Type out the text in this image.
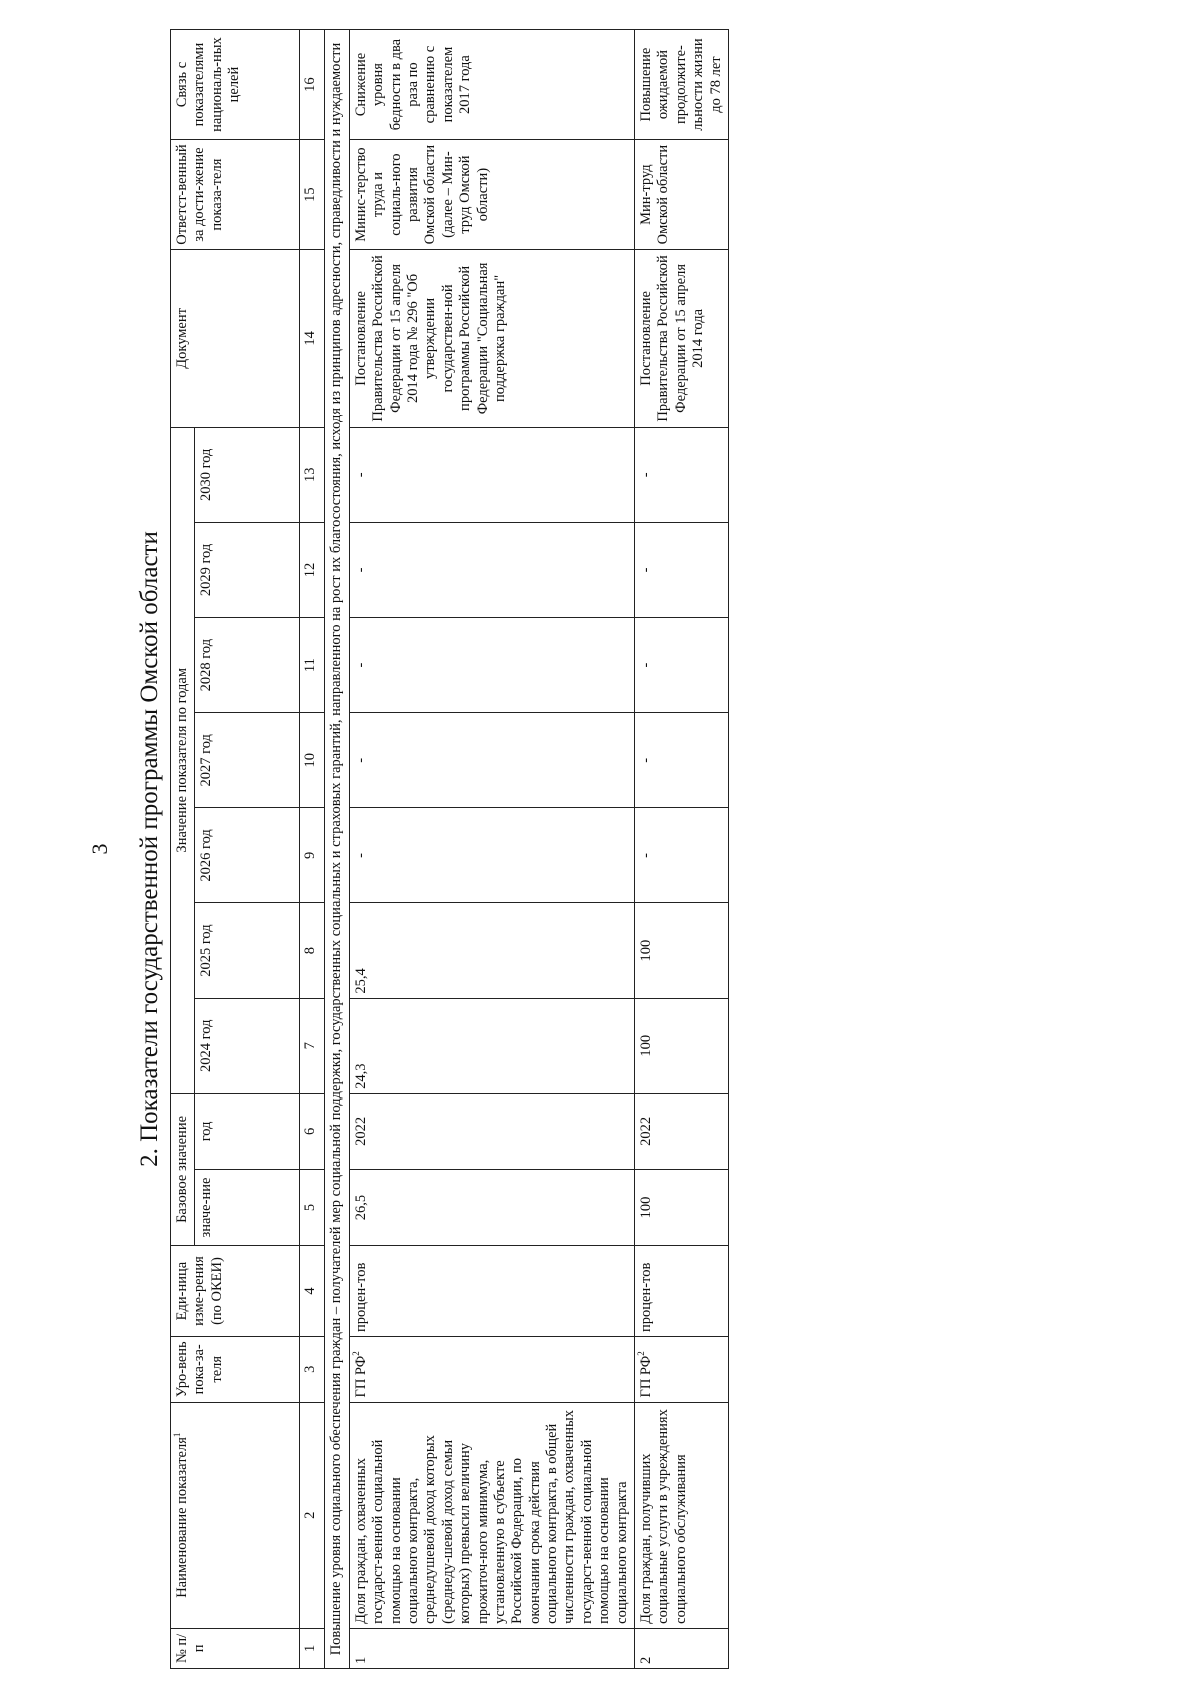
3 2. Показатели государственной программы Омской области
№ п/п	Наименование показателя$^1$	Уро-вень пока-за-теля	Еди-ница изме-рения (по ОКЕИ)	Базовое значение		Значение показателя по годам							Документ	Ответст-венный за дости-жение показа-теля	Связь с показателями националь-ных целей
				значе-ние	год	2024 год	2025 год	2026 год	2027 год	2028 год	2029 год	2030 год			
1	2	3	4	5	6	7	8	9	10	11	12	13	14	15	16
Повышение уровня социального обеспечения граждан – получателей мер социальной поддержки, государственных социальных и страховых гарантий, направленного на рост их благосостояния, исходя из принципов адресности, справедливости и нуждаемости															
1	Доля граждан, охваченных государст-венной социальной помощью на основании социального контракта, среднедушевой доход которых (среднеду-шевой доход семьи которых) превысил величину прожиточ-ного минимума, установленную в субъекте Российской Федерации, по окончании срока действия социального контракта, в общей численности граждан, охваченных государст-венной социальной помощью на основании социального контракта	ГП $РФ^2$	процен-тов	26,5	2022	24,3	25,4	-	-	-	-	-	Постановление Правительства Российской Федерации от 15 апреля 2014 года № 296 "Об утверждении государствен-ной программы Российской Федерации "Социальная поддержка граждан"	Минис-терство труда и социаль-ного развития Омской области (далее – Мин-труд Омской области)	Снижение уровня бедности в два раза по сравнению с показателем 2017 года
2	Доля граждан, получивших социальные услуги в учреждениях социального обслуживания	ГП $РФ^2$	процен-тов	100	2022	100	100	-	-	-	-	-	Постановление Правительства Российской Федерации от 15 апреля 2014 года	Мин-труд Омской области	Повышение ожидаемой продолжите-льности жизни до 78 лет
